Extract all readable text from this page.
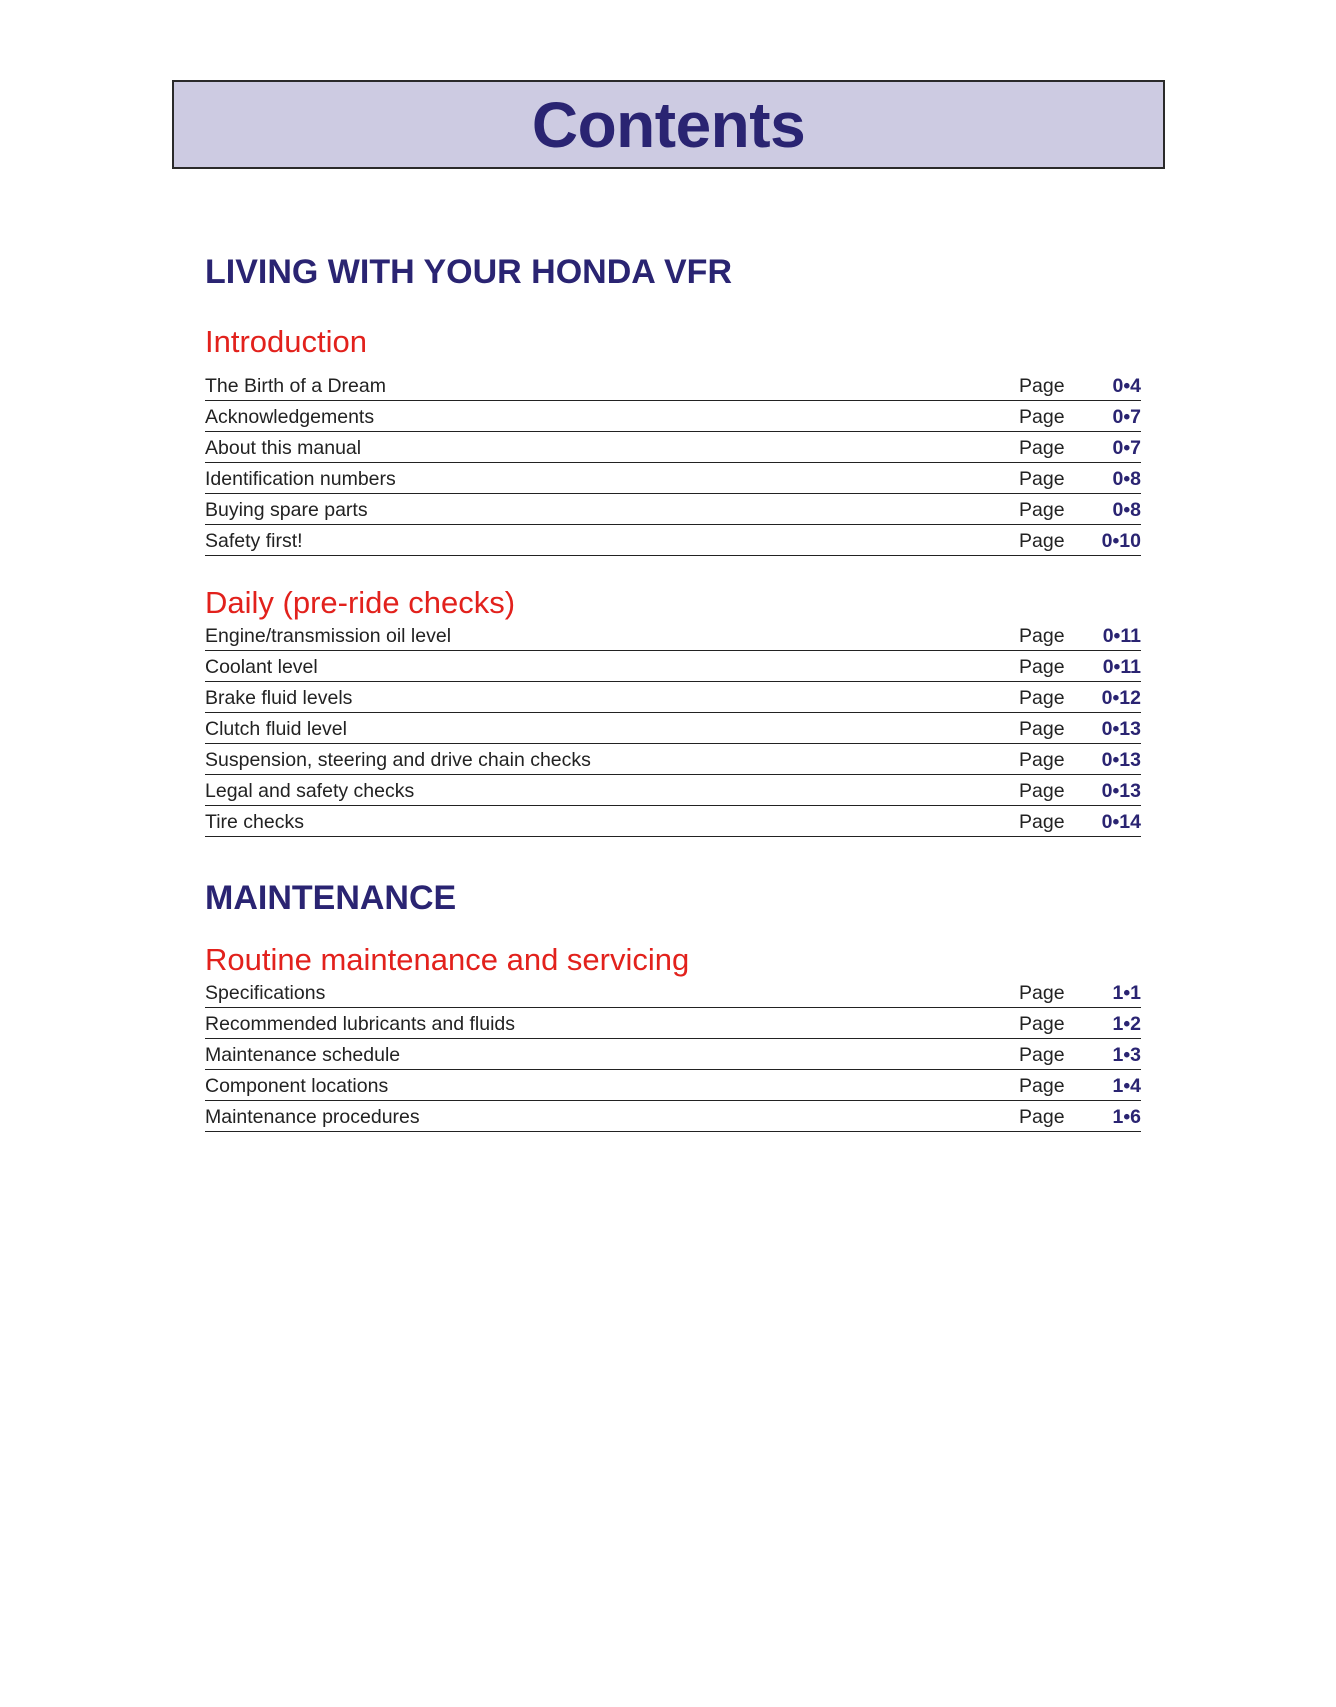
Contents
LIVING WITH YOUR HONDA VFR
Introduction
The Birth of a Dream	Page	0•4
Acknowledgements	Page	0•7
About this manual	Page	0•7
Identification numbers	Page	0•8
Buying spare parts	Page	0•8
Safety first!	Page	0•10
Daily (pre-ride checks)
Engine/transmission oil level	Page	0•11
Coolant level	Page	0•11
Brake fluid levels	Page	0•12
Clutch fluid level	Page	0•13
Suspension, steering and drive chain checks	Page	0•13
Legal and safety checks	Page	0•13
Tire checks	Page	0•14
MAINTENANCE
Routine maintenance and servicing
Specifications	Page	1•1
Recommended lubricants and fluids	Page	1•2
Maintenance schedule	Page	1•3
Component locations	Page	1•4
Maintenance procedures	Page	1•6
